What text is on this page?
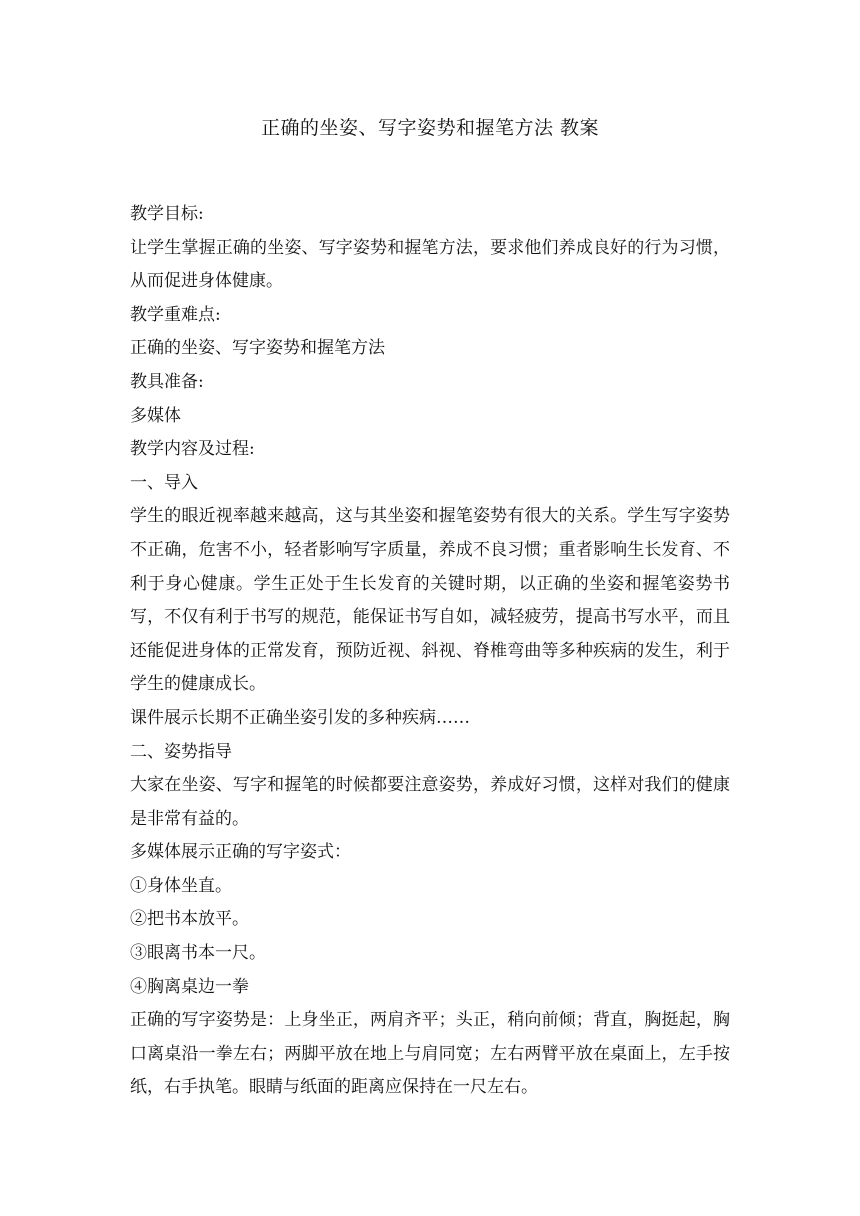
正确的坐姿、写字姿势和握笔方法 教案

教学目标:

让学生掌握正确的坐姿、写字姿势和握笔方法，要求他们养成良好的行为习惯，从而促进身体健康。

教学重难点:

正确的坐姿、写字姿势和握笔方法

教具准备:

多媒体

教学内容及过程:

一、导入

学生的眼近视率越来越高，这与其坐姿和握笔姿势有很大的关系。学生写字姿势不正确，危害不小，轻者影响写字质量，养成不良习惯；重者影响生长发育、不利于身心健康。学生正处于生长发育的关键时期，以正确的坐姿和握笔姿势书写，不仅有利于书写的规范，能保证书写自如，减轻疲劳，提高书写水平，而且还能促进身体的正常发育，预防近视、斜视、脊椎弯曲等多种疾病的发生，利于学生的健康成长。

课件展示长期不正确坐姿引发的多种疾病……

二、姿势指导

大家在坐姿、写字和握笔的时候都要注意姿势，养成好习惯，这样对我们的健康是非常有益的。

多媒体展示正确的写字姿式：

①身体坐直。

②把书本放平。

③眼离书本一尺。

④胸离桌边一拳

正确的写字姿势是：上身坐正，两肩齐平；头正，稍向前倾；背直，胸挺起，胸口离桌沿一拳左右；两脚平放在地上与肩同宽；左右两臂平放在桌面上，左手按纸，右手执笔。眼睛与纸面的距离应保持在一尺左右。
